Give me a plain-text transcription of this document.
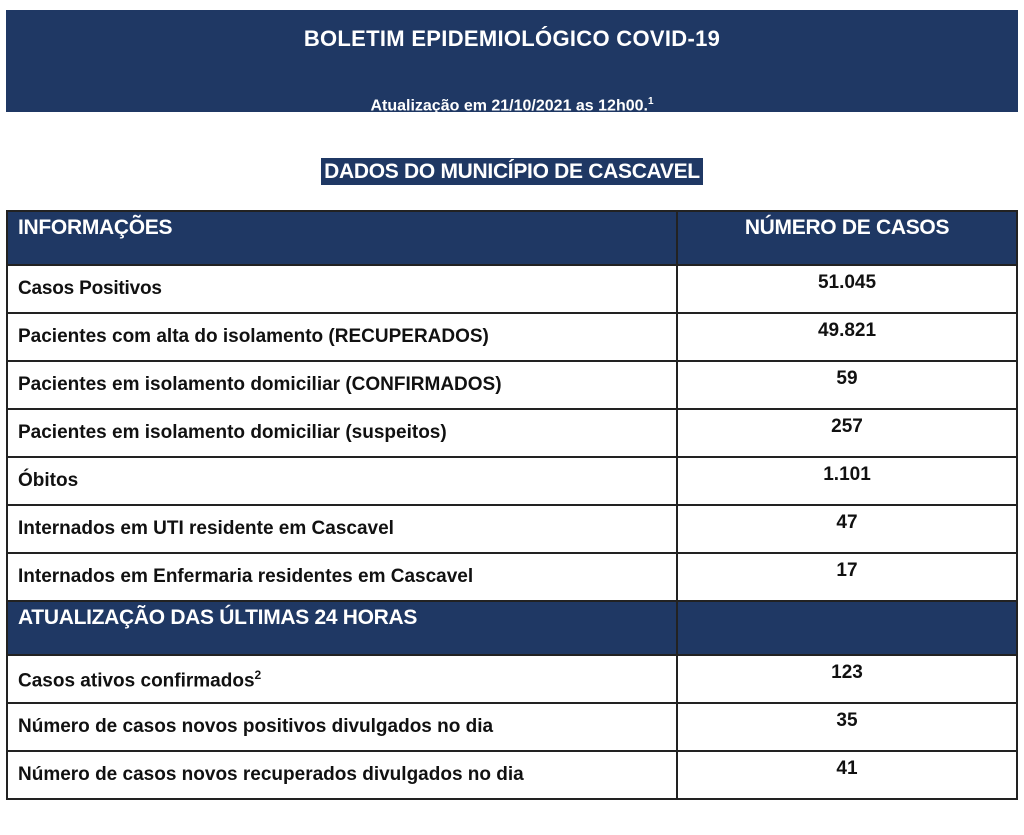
BOLETIM EPIDEMIOLÓGICO COVID-19
Atualização em 21/10/2021 as 12h00.$^1$
DADOS DO MUNICÍPIO DE CASCAVEL
INFORMAÇÕES	NÚMERO DE CASOS
Casos Positivos	51.045
Pacientes com alta do isolamento (RECUPERADOS)	49.821
Pacientes em isolamento domiciliar (CONFIRMADOS)	59
Pacientes em isolamento domiciliar (suspeitos)	257
Óbitos	1.101
Internados em UTI residente em Cascavel	47
Internados em Enfermaria residentes em Cascavel	17
ATUALIZAÇÃO DAS ÚLTIMAS 24 HORAS	
Casos ativos confirmados$^2$	123
Número de casos novos positivos divulgados no dia	35
Número de casos novos recuperados divulgados no dia	41
